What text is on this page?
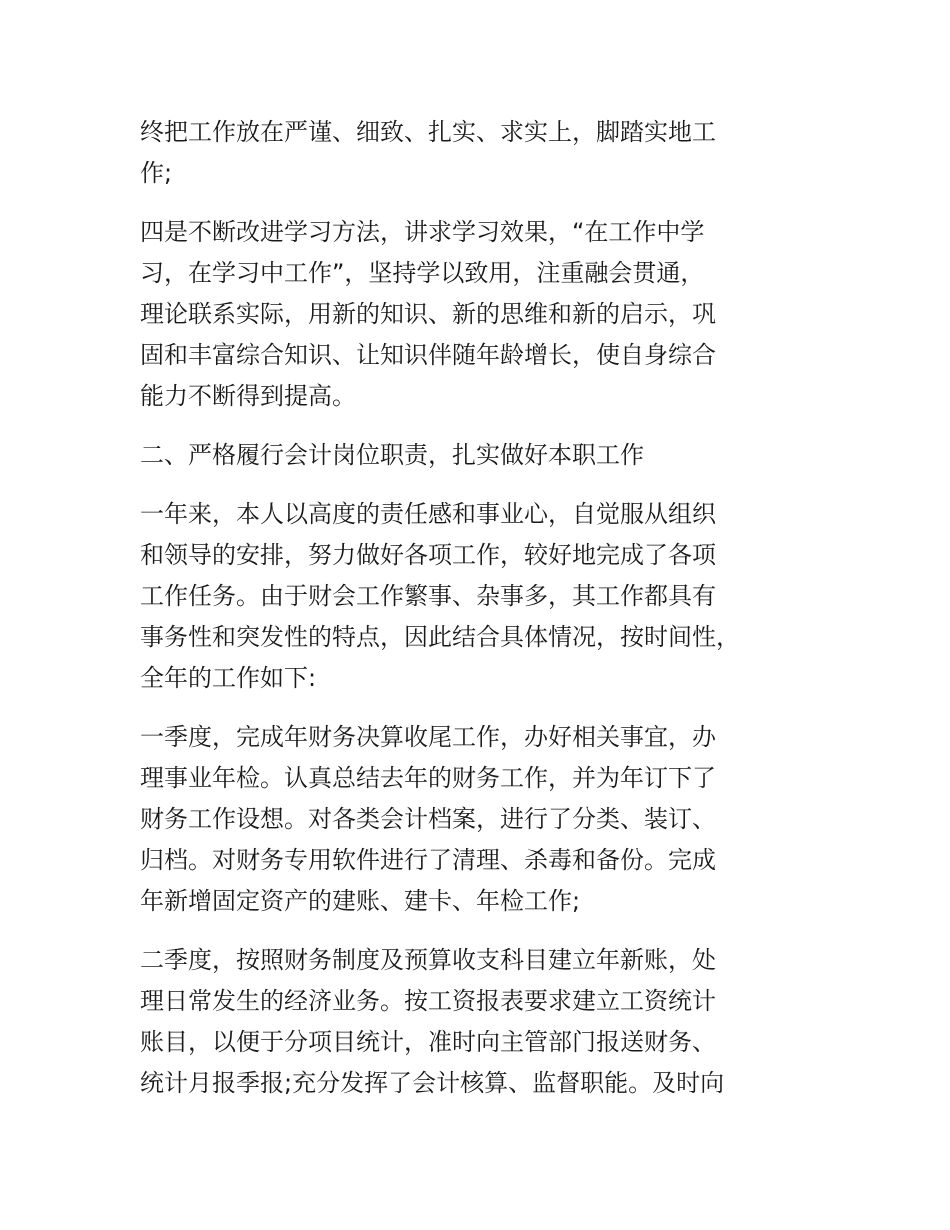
终把工作放在严谨、细致、扎实、求实上，脚踏实地工
作;
四是不断改进学习方法，讲求学习效果，“在工作中学
习，在学习中工作”，坚持学以致用，注重融会贯通，
理论联系实际，用新的知识、新的思维和新的启示，巩
固和丰富综合知识、让知识伴随年龄增长，使自身综合
能力不断得到提高。
二、严格履行会计岗位职责，扎实做好本职工作
一年来，本人以高度的责任感和事业心，自觉服从组织
和领导的安排，努力做好各项工作，较好地完成了各项
工作任务。由于财会工作繁事、杂事多，其工作都具有
事务性和突发性的特点，因此结合具体情况，按时间性，
全年的工作如下:
一季度，完成年财务决算收尾工作，办好相关事宜，办
理事业年检。认真总结去年的财务工作，并为年订下了
财务工作设想。对各类会计档案，进行了分类、装订、
归档。对财务专用软件进行了清理、杀毒和备份。完成
年新增固定资产的建账、建卡、年检工作;
二季度，按照财务制度及预算收支科目建立年新账，处
理日常发生的经济业务。按工资报表要求建立工资统计
账目，以便于分项目统计，准时向主管部门报送财务、
统计月报季报;充分发挥了会计核算、监督职能。及时向
